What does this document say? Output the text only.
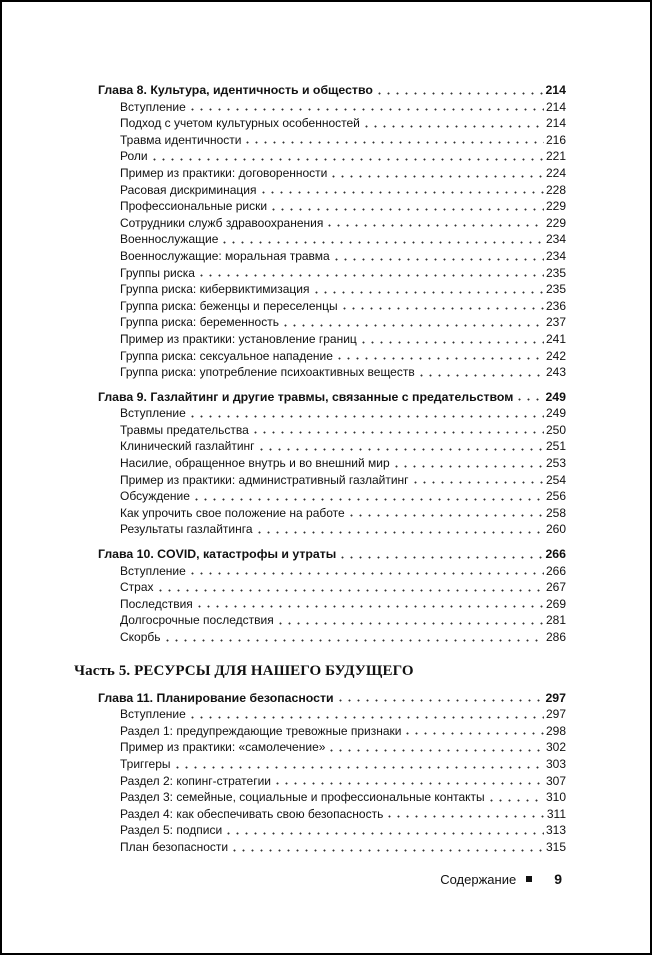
Глава 8. Культура, идентичность и общество	214
Вступление	214
Подход с учетом культурных особенностей	214
Травма идентичности	216
Роли	221
Пример из практики: договоренности	224
Расовая дискриминация	228
Профессиональные риски	229
Сотрудники служб здравоохранения	229
Военнослужащие	234
Военнослужащие: моральная травма	234
Группы риска	235
Группа риска: кибервиктимизация	235
Группа риска: беженцы и переселенцы	236
Группа риска: беременность	237
Пример из практики: установление границ	241
Группа риска: сексуальное нападение	242
Группа риска: употребление психоактивных веществ	243
Глава 9. Газлайтинг и другие травмы, связанные с предательством	249
Вступление	249
Травмы предательства	250
Клинический газлайтинг	251
Насилие, обращенное внутрь и во внешний мир	253
Пример из практики: административный газлайтинг	254
Обсуждение	256
Как упрочить свое положение на работе	258
Результаты газлайтинга	260
Глава 10. COVID, катастрофы и утраты	266
Вступление	266
Страх	267
Последствия	269
Долгосрочные последствия	281
Скорбь	286
Часть 5. РЕСУРСЫ ДЛЯ НАШЕГО БУДУЩЕГО
Глава 11. Планирование безопасности	297
Вступление	297
Раздел 1: предупреждающие тревожные признаки	298
Пример из практики: «самолечение»	302
Триггеры	303
Раздел 2: копинг-стратегии	307
Раздел 3: семейные, социальные и профессиональные контакты	310
Раздел 4: как обеспечивать свою безопасность	311
Раздел 5: подписи	313
План безопасности	315
Содержание	9
